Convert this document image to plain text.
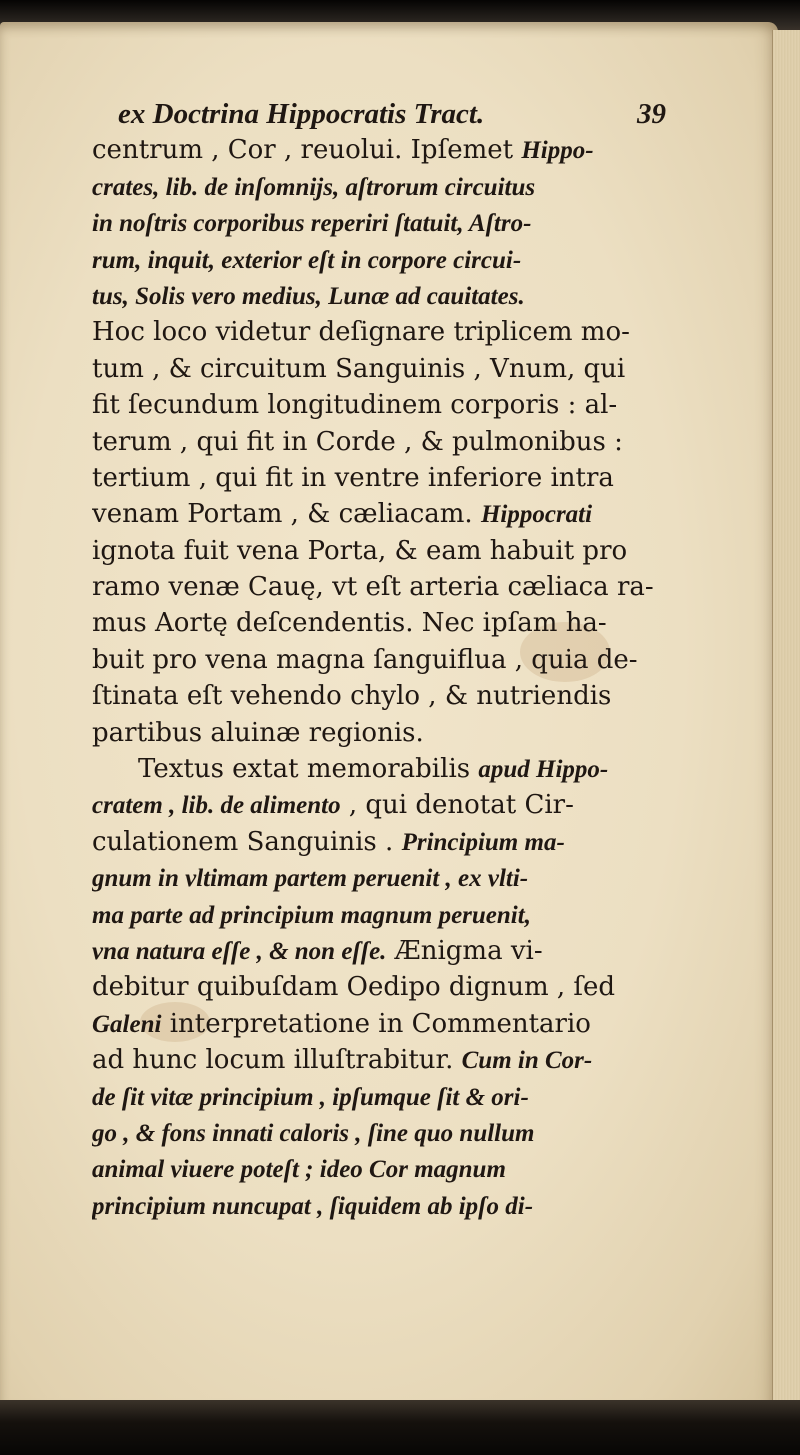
ex Doctrina Hippocratis Tract.	39
centrum , Cor , reuolui. Ipſemet Hippo-
crates, lib. de inſomnijs, aſtrorum circuitus
in noſtris corporibus reperiri ſtatuit, Aſtro-
rum, inquit, exterior eſt in corpore circui-
tus, Solis vero medius, Lunæ ad cauitates.
Hoc loco videtur deſignare triplicem mo-
tum , & circuitum Sanguinis , Vnum, qui
fit ſecundum longitudinem corporis : al-
terum , qui fit in Corde , & pulmonibus :
tertium , qui fit in ventre inferiore intra
venam Portam , & cæliacam. Hippocrati
ignota fuit vena Porta, & eam habuit pro
ramo venæ Cauę, vt eſt arteria cæliaca ra-
mus Aortę deſcendentis. Nec ipſam ha-
buit pro vena magna ſanguiflua , quia de-
ſtinata eſt vehendo chylo , & nutriendis
partibus aluinæ regionis.
Textus extat memorabilis apud Hippo-
cratem , lib. de alimento , qui denotat Cir-
culationem Sanguinis . Principium ma-
gnum in vltimam partem peruenit , ex vlti-
ma parte ad principium magnum peruenit,
vna natura eſſe , & non eſſe. Ænigma vi-
debitur quibuſdam Oedipo dignum , ſed
Galeni interpretatione in Commentario
ad hunc locum illuſtrabitur. Cum in Cor-
de ſit vitæ principium , ipſumque ſit & ori-
go , & fons innati caloris , ſine quo nullum
animal viuere poteſt ; ideo Cor magnum
principium nuncupat , ſiquidem ab ipſo di-
